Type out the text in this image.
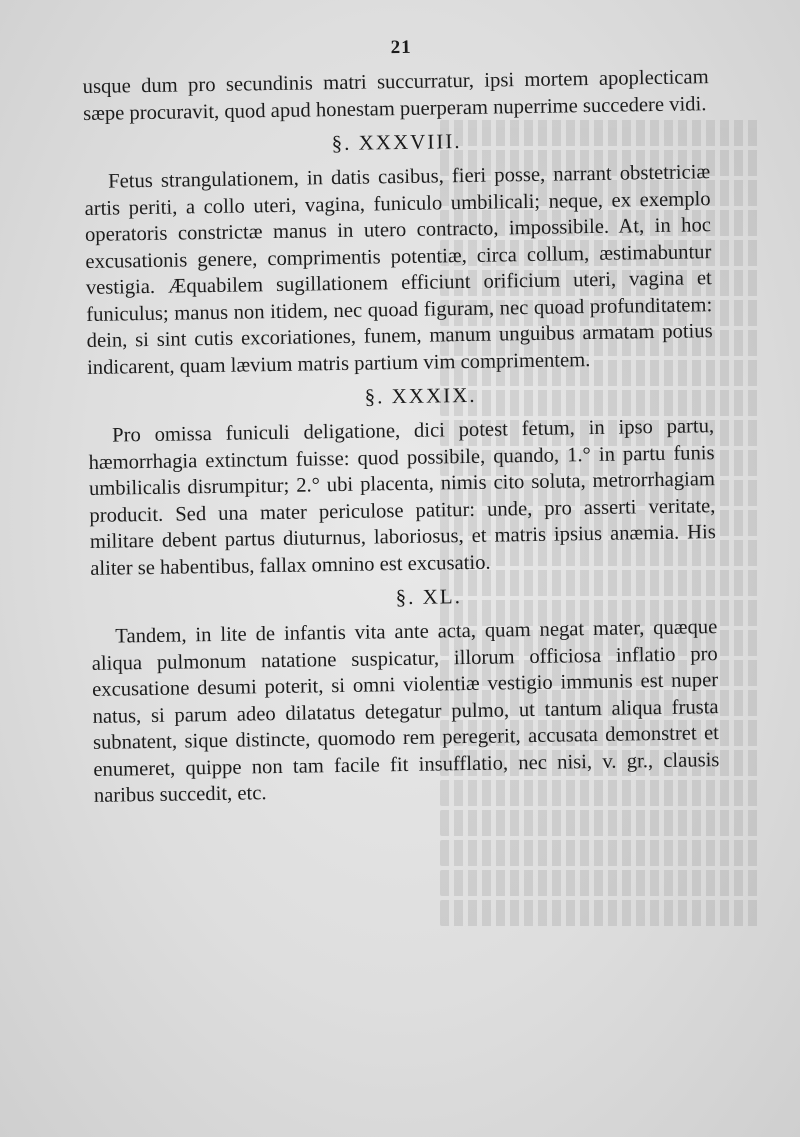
21

usque dum pro secundinis matri succurratur, ipsi mortem apoplecticam sæpe procuravit, quod apud honestam puerperam nuperrime succedere vidi.

§. XXXVIII.

Fetus strangulationem, in datis casibus, fieri posse, narrant obstetriciæ artis periti, a collo uteri, vagina, funiculo umbilicali; neque, ex exemplo operatoris constrictæ manus in utero contracto, impossibile. At, in hoc excusationis genere, comprimentis potentiæ, circa collum, æstimabuntur vestigia. Æquabilem sugillationem efficiunt orificium uteri, vagina et funiculus; manus non itidem, nec quoad figuram, nec quoad profunditatem: dein, si sint cutis excoriationes, funem, manum unguibus armatam potius indicarent, quam lævium matris partium vim comprimentem.

§. XXXIX.

Pro omissa funiculi deligatione, dici potest fetum, in ipso partu, hæmorrhagia extinctum fuisse: quod possibile, quando, 1.° in partu funis umbilicalis disrumpitur; 2.° ubi placenta, nimis cito soluta, metrorrhagiam producit. Sed una mater periculose patitur: unde, pro asserti veritate, militare debent partus diuturnus, laboriosus, et matris ipsius anæmia. His aliter se habentibus, fallax omnino est excusatio.

§. XL.

Tandem, in lite de infantis vita ante acta, quam negat mater, quæque aliqua pulmonum natatione suspicatur, illorum officiosa inflatio pro excusatione desumi poterit, si omni violentiæ vestigio immunis est nuper natus, si parum adeo dilatatus detegatur pulmo, ut tantum aliqua frusta subnatent, sique distincte, quomodo rem peregerit, accusata demonstret et enumeret, quippe non tam facile fit insufflatio, nec nisi, v. gr., clausis naribus succedit, etc.
